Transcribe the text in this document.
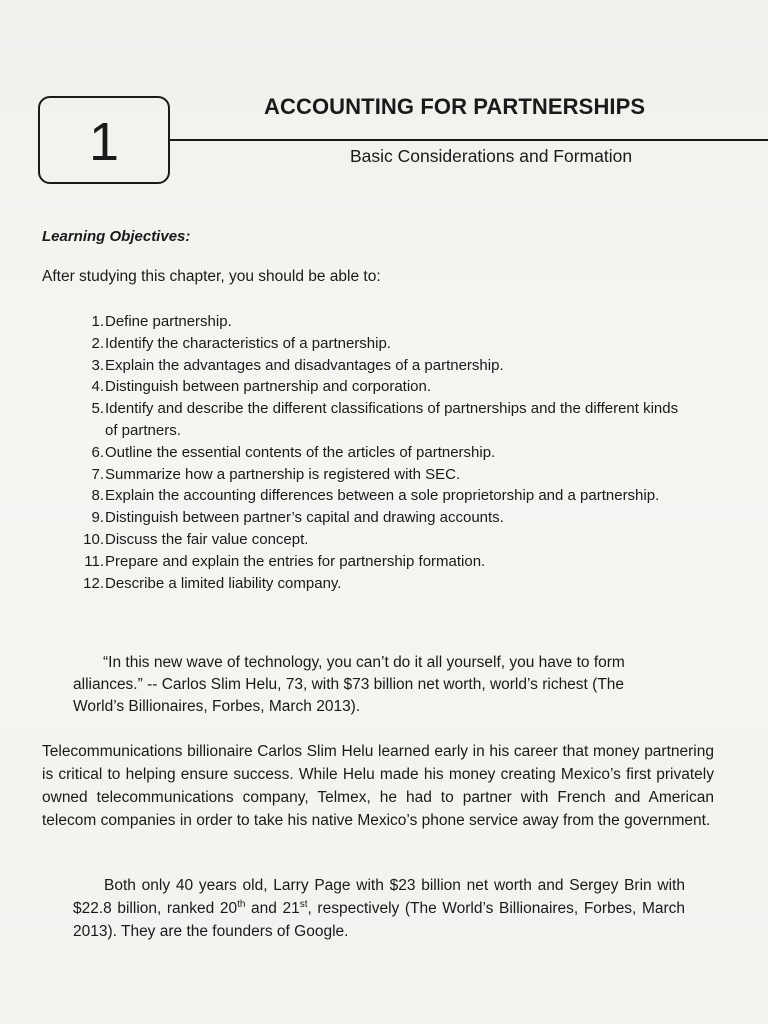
1
ACCOUNTING FOR PARTNERSHIPS
Basic Considerations and Formation
Learning Objectives:
After studying this chapter, you should be able to:
1. Define partnership.
2. Identify the characteristics of a partnership.
3. Explain the advantages and disadvantages of a partnership.
4. Distinguish between partnership and corporation.
5. Identify and describe the different classifications of partnerships and the different kinds of partners.
6. Outline the essential contents of the articles of partnership.
7. Summarize how a partnership is registered with SEC.
8. Explain the accounting differences between a sole proprietorship and a partnership.
9. Distinguish between partner’s capital and drawing accounts.
10. Discuss the fair value concept.
11. Prepare and explain the entries for partnership formation.
12. Describe a limited liability company.

“In this new wave of technology, you can’t do it all yourself, you have to form alliances.” -- Carlos Slim Helu, 73, with $73 billion net worth, world’s richest (The World’s Billionaires, Forbes, March 2013).

Telecommunications billionaire Carlos Slim Helu learned early in his career that money partnering is critical to helping ensure success. While Helu made his money creating Mexico’s first privately owned telecommunications company, Telmex, he had to partner with French and American telecom companies in order to take his native Mexico’s phone service away from the government.

Both only 40 years old, Larry Page with $23 billion net worth and Sergey Brin with $22.8 billion, ranked 20th and 21st, respectively (The World’s Billionaires, Forbes, March 2013). They are the founders of Google.
